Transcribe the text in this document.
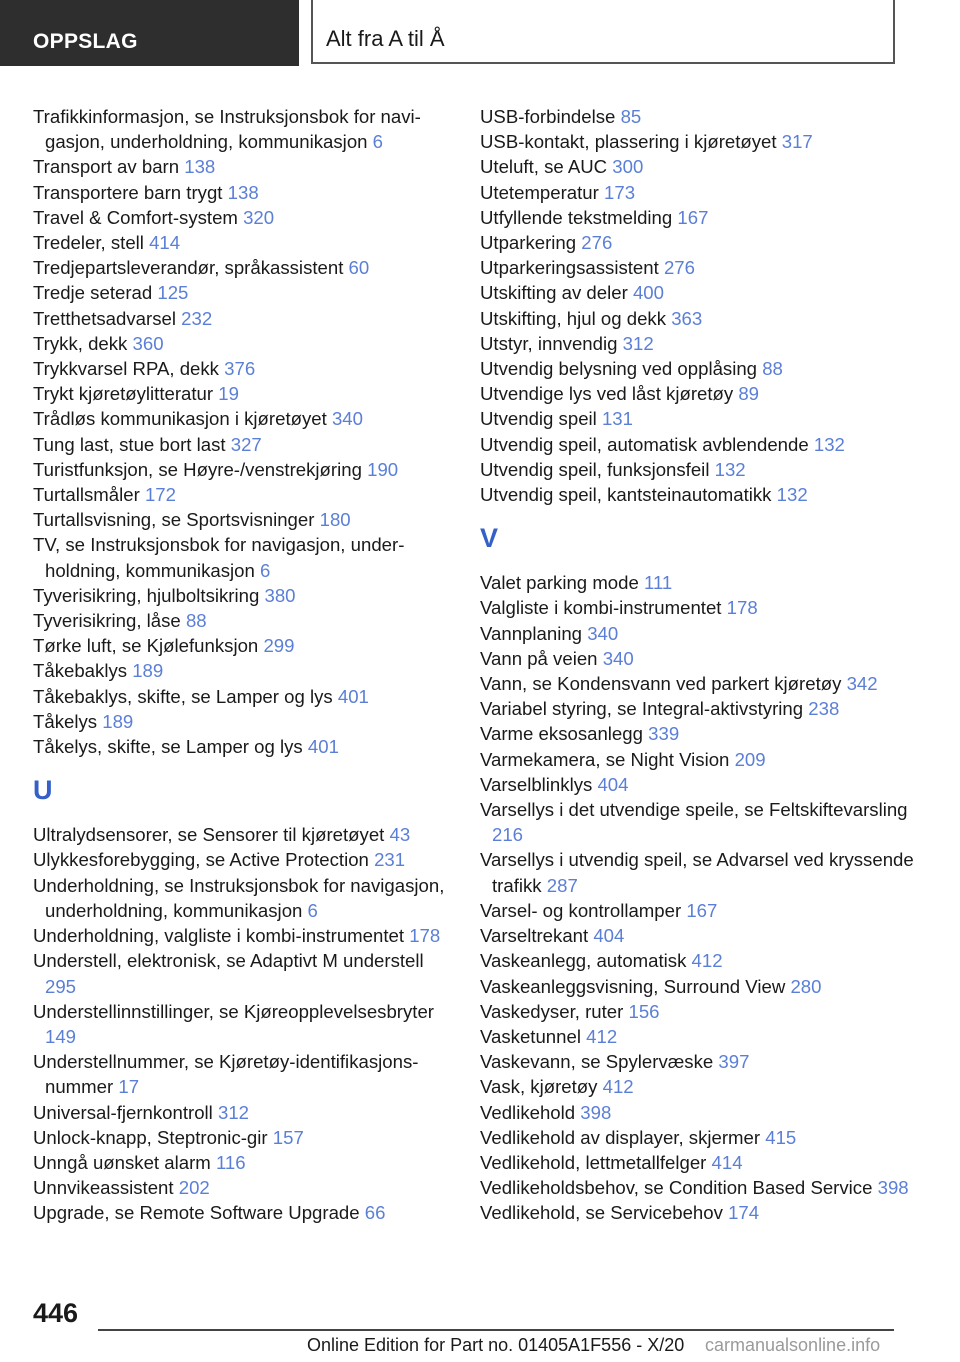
OPPSLAG	Alt fra A til Å
Trafikkinformasjon, se Instruksjonsbok for navigasjon, underholdning, kommunikasjon 6
Transport av barn 138
Transportere barn trygt 138
Travel & Comfort-system 320
Tredeler, stell 414
Tredjepartsleverandør, språkassistent 60
Tredje seterad 125
Tretthetsadvarsel 232
Trykk, dekk 360
Trykkvarsel RPA, dekk 376
Trykt kjøretøylitteratur 19
Trådløs kommunikasjon i kjøretøyet 340
Tung last, stue bort last 327
Turistfunksjon, se Høyre-/venstrekjøring 190
Turtallsmåler 172
Turtallsvisning, se Sportsvisninger 180
TV, se Instruksjonsbok for navigasjon, underholdning, kommunikasjon 6
Tyverisikring, hjulboltsikring 380
Tyverisikring, låse 88
Tørke luft, se Kjølefunksjon 299
Tåkebaklys 189
Tåkebaklys, skifte, se Lamper og lys 401
Tåkelys 189
Tåkelys, skifte, se Lamper og lys 401
U
Ultralydsensorer, se Sensorer til kjøretøyet 43
Ulykkesforebygging, se Active Protection 231
Underholdning, se Instruksjonsbok for navigasjon, underholdning, kommunikasjon 6
Underholdning, valgliste i kombi-instrumentet 178
Understell, elektronisk, se Adaptivt M understell 295
Understellinnstillinger, se Kjøreopplevelsesbryter 149
Understellnummer, se Kjøretøy-identifikasjonsnummer 17
Universal-fjernkontroll 312
Unlock-knapp, Steptronic-gir 157
Unngå uønsket alarm 116
Unnvikeassistent 202
Upgrade, se Remote Software Upgrade 66
USB-forbindelse 85
USB-kontakt, plassering i kjøretøyet 317
Uteluft, se AUC 300
Utetemperatur 173
Utfyllende tekstmelding 167
Utparkering 276
Utparkeringsassistent 276
Utskifting av deler 400
Utskifting, hjul og dekk 363
Utstyr, innvendig 312
Utvendig belysning ved opplåsing 88
Utvendige lys ved låst kjøretøy 89
Utvendig speil 131
Utvendig speil, automatisk avblendende 132
Utvendig speil, funksjonsfeil 132
Utvendig speil, kantsteinautomatikk 132
V
Valet parking mode 111
Valgliste i kombi-instrumentet 178
Vannplaning 340
Vann på veien 340
Vann, se Kondensvann ved parkert kjøretøy 342
Variabel styring, se Integral-aktivstyring 238
Varme eksosanlegg 339
Varmekamera, se Night Vision 209
Varselblinklys 404
Varsellys i det utvendige speile, se Feltskiftevarsling 216
Varsellys i utvendig speil, se Advarsel ved kryssende trafikk 287
Varsel- og kontrollamper 167
Varseltrekant 404
Vaskeanlegg, automatisk 412
Vaskeanleggsvisning, Surround View 280
Vaskedyser, ruter 156
Vasketunnel 412
Vaskevann, se Spylervæske 397
Vask, kjøretøy 412
Vedlikehold 398
Vedlikehold av displayer, skjermer 415
Vedlikehold, lettmetallfelger 414
Vedlikeholdsbehov, se Condition Based Service 398
Vedlikehold, se Servicebehov 174
446
Online Edition for Part no. 01405A1F556 - X/20 carmanualsonline.info
